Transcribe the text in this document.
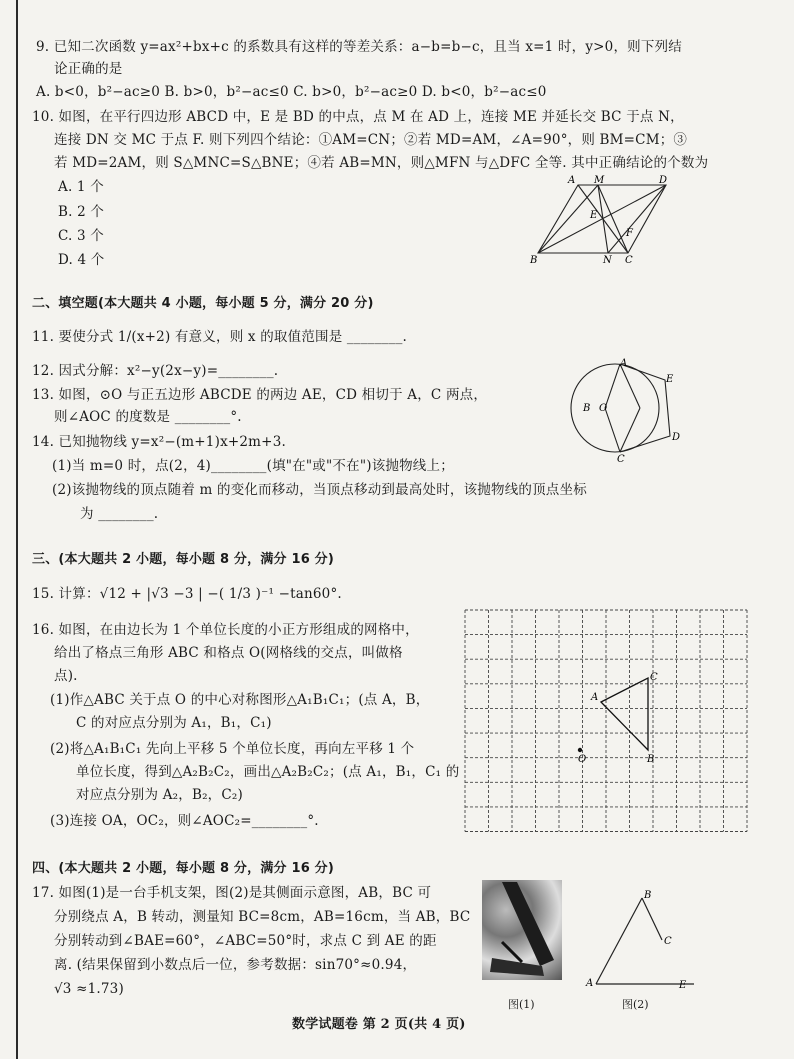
9. 已知二次函数 y=ax²+bx+c 的系数具有这样的等差关系：a−b=b−c，且当 x=1 时，y>0，则下列结
论正确的是
A. b<0，b²−ac≥0 B. b>0，b²−ac≤0 C. b>0，b²−ac≥0 D. b<0，b²−ac≤0
10. 如图，在平行四边形 ABCD 中，E 是 BD 的中点，点 M 在 AD 上，连接 ME 并延长交 BC 于点 N，
连接 DN 交 MC 于点 F. 则下列四个结论：①AM=CN；②若 MD=AM，∠A=90°，则 BM=CM；③
若 MD=2AM，则 S△MNC=S△BNE；④若 AB=MN，则△MFN 与△DFC 全等. 其中正确结论的个数为
A. 1 个
B. 2 个
C. 3 个
D. 4 个
A M	D
E
F
B	N C
二、填空题(本大题共 4 小题，每小题 5 分，满分 20 分)
11. 要使分式 1/(x+2) 有意义，则 x 的取值范围是 ________.
12. 因式分解：x²−y(2x−y)=________.
13. 如图，⊙O 与正五边形 ABCDE 的两边 AE，CD 相切于 A，C 两点，
则∠AOC 的度数是 ________°.
A
E
B O
D
C
14. 已知抛物线 y=x²−(m+1)x+2m+3.
(1)当 m=0 时，点(2，4)________(填"在"或"不在")该抛物线上；
(2)该抛物线的顶点随着 m 的变化而移动，当顶点移动到最高处时，该抛物线的顶点坐标
为 ________.
三、(本大题共 2 小题，每小题 8 分，满分 16 分)
15. 计算：√12 + |√3 −3 | −( 1/3 )⁻¹ −tan60°.
16. 如图，在由边长为 1 个单位长度的小正方形组成的网格中，
给出了格点三角形 ABC 和格点 O(网格线的交点，叫做格
点).
(1)作△ABC 关于点 O 的中心对称图形△A₁B₁C₁；(点 A，B，
C 的对应点分别为 A₁，B₁，C₁)
(2)将△A₁B₁C₁ 先向上平移 5 个单位长度，再向左平移 1 个
单位长度，得到△A₂B₂C₂，画出△A₂B₂C₂；(点 A₁，B₁，C₁ 的
对应点分别为 A₂，B₂，C₂)
(3)连接 OA，OC₂，则∠AOC₂=________°.
A
C
B
O
四、(本大题共 2 小题，每小题 8 分，满分 16 分)
17. 如图(1)是一台手机支架，图(2)是其侧面示意图，AB，BC 可
分别绕点 A，B 转动，测量知 BC=8cm，AB=16cm，当 AB，BC
分别转动到∠BAE=60°，∠ABC=50°时，求点 C 到 AE 的距
离. (结果保留到小数点后一位，参考数据：sin70°≈0.94，
√3 ≈1.73)
图(1)
B
C
A	E
图(2)
数学试题卷 第 2 页(共 4 页)
